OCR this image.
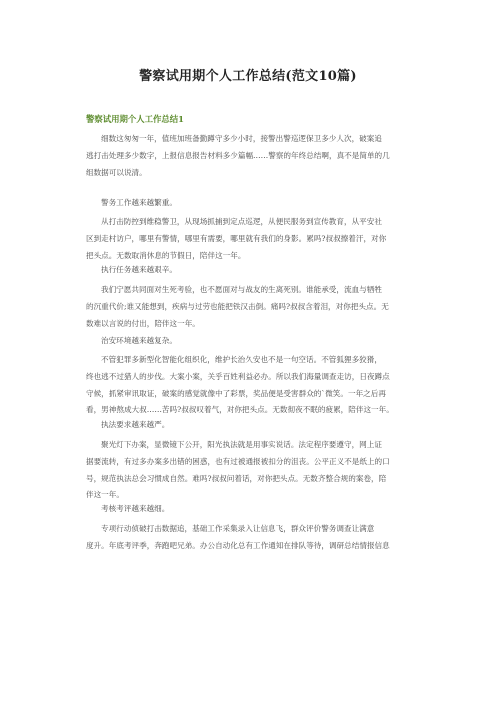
警察试用期个人工作总结(范文10篇)
警察试用期个人工作总结1
细数这匆匆一年，值班加班备勤蹲守多少小时，接警出警巡逻保卫多少人次，破案追
逃打击处理多少数字，上报信息报告材料多少篇幅……警察的年终总结啊，真不是简单的几
组数据可以说清。
警务工作越来越繁重。
从打击防控到维稳警卫，从现场抓捕到定点巡逻，从便民服务到宣传教育，从平安社
区到走村访户，哪里有警情，哪里有需要，哪里就有我们的身影。累吗?叔叔擦着汗，对你
把头点。无数取消休息的节假日，陪伴这一年。
执行任务越来越艰辛。
我们宁愿共同面对生死考验，也不愿面对与战友的生离死别。谁能承受，流血与牺牲
的沉重代价;谁又能想到，疾病与过劳也能把铁汉击倒。痛吗?叔叔含着泪，对你把头点。无
数难以言说的付出，陪伴这一年。
治安环境越来越复杂。
不管犯罪多新型化智能化组织化，维护长治久安也不是一句空话。不管狐狸多狡猾，
终也逃不过猎人的步伐。大案小案，关乎百姓利益必办。所以我们海量调查走访，日夜蹲点
守候，抓紧审讯取证，破案的感觉就像中了彩票，奖品便是受害群众的`微笑。一年之后再
看，男神熬成大叔……苦吗?叔叔叹着气，对你把头点。无数彻夜不眠的疲累，陪伴这一年。
执法要求越来越严。
聚光灯下办案，显微镜下公开，阳光执法就是用事实说话。法定程序要遵守，网上证
据要流转，有过多办案多出错的困惑，也有过被通报被扣分的沮丧。公平正义不是纸上的口
号，规范执法总会习惯成自然。难吗?叔叔问着话，对你把头点。无数齐整合规的案卷，陪
伴这一年。
考核考评越来越细。
专项行动侦破打击数据追，基础工作采集录入让信息飞，群众评价警务调查让满意
度升。年底考评季，奔跑吧兄弟。办公自动化总有工作通知在排队等待，调研总结情报信息
